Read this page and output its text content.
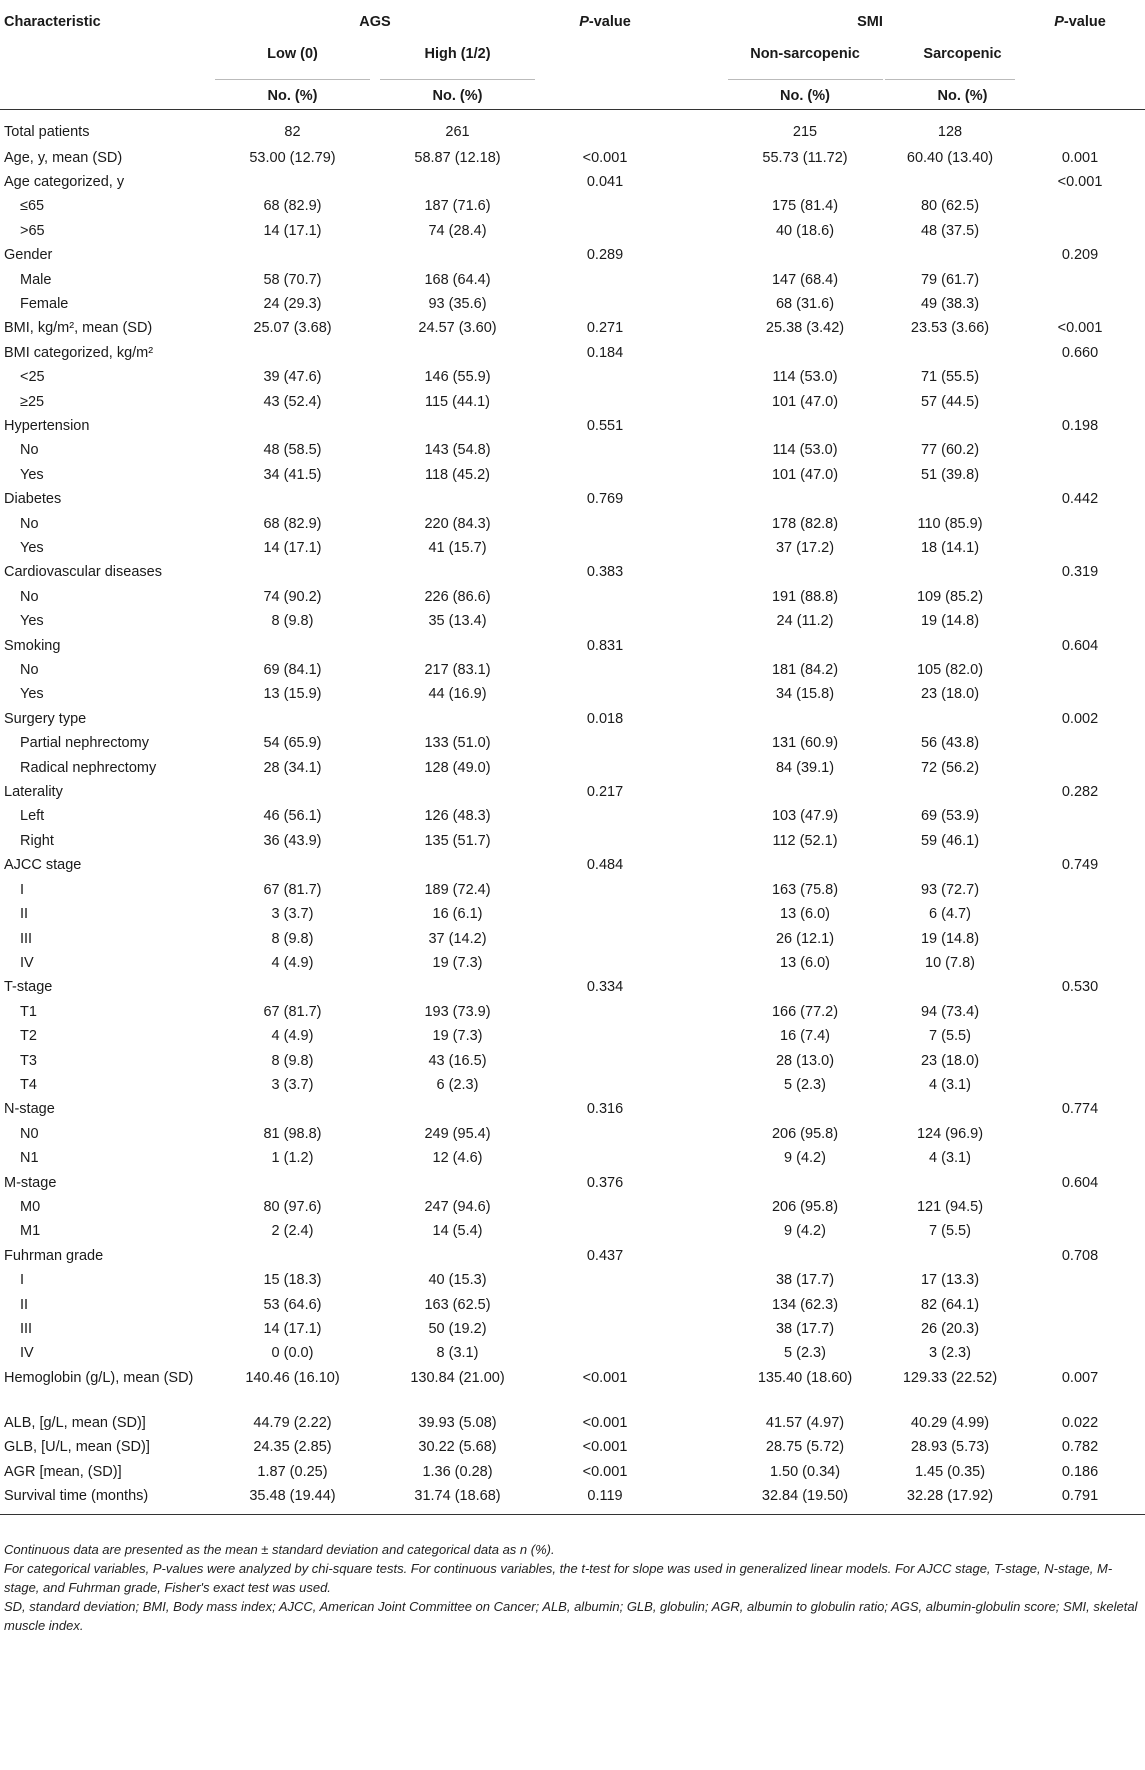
Characteristic	AGS		P-value		SMI		P-value
	Low (0)	High (1/2)			Non-sarcopenic	Sarcopenic	
	No. (%)	No. (%)			No. (%)	No. (%)	
Total patients	82	261			215	128	
Age, y, mean (SD)	53.00 (12.79)	58.87 (12.18)	<0.001		55.73 (11.72)	60.40 (13.40)	0.001
Age categorized, y			0.041				<0.001
≤65	68 (82.9)	187 (71.6)			175 (81.4)	80 (62.5)	
>65	14 (17.1)	74 (28.4)			40 (18.6)	48 (37.5)	
Gender			0.289				0.209
Male	58 (70.7)	168 (64.4)			147 (68.4)	79 (61.7)	
Female	24 (29.3)	93 (35.6)			68 (31.6)	49 (38.3)	
BMI, kg/m², mean (SD)	25.07 (3.68)	24.57 (3.60)	0.271		25.38 (3.42)	23.53 (3.66)	<0.001
BMI categorized, kg/m²			0.184				0.660
<25	39 (47.6)	146 (55.9)			114 (53.0)	71 (55.5)	
≥25	43 (52.4)	115 (44.1)			101 (47.0)	57 (44.5)	
Hypertension			0.551				0.198
No	48 (58.5)	143 (54.8)			114 (53.0)	77 (60.2)	
Yes	34 (41.5)	118 (45.2)			101 (47.0)	51 (39.8)	
Diabetes			0.769				0.442
No	68 (82.9)	220 (84.3)			178 (82.8)	110 (85.9)	
Yes	14 (17.1)	41 (15.7)			37 (17.2)	18 (14.1)	
Cardiovascular diseases			0.383				0.319
No	74 (90.2)	226 (86.6)			191 (88.8)	109 (85.2)	
Yes	8 (9.8)	35 (13.4)			24 (11.2)	19 (14.8)	
Smoking			0.831				0.604
No	69 (84.1)	217 (83.1)			181 (84.2)	105 (82.0)	
Yes	13 (15.9)	44 (16.9)			34 (15.8)	23 (18.0)	
Surgery type			0.018				0.002
Partial nephrectomy	54 (65.9)	133 (51.0)			131 (60.9)	56 (43.8)	
Radical nephrectomy	28 (34.1)	128 (49.0)			84 (39.1)	72 (56.2)	
Laterality			0.217				0.282
Left	46 (56.1)	126 (48.3)			103 (47.9)	69 (53.9)	
Right	36 (43.9)	135 (51.7)			112 (52.1)	59 (46.1)	
AJCC stage			0.484				0.749
I	67 (81.7)	189 (72.4)			163 (75.8)	93 (72.7)	
II	3 (3.7)	16 (6.1)			13 (6.0)	6 (4.7)	
III	8 (9.8)	37 (14.2)			26 (12.1)	19 (14.8)	
IV	4 (4.9)	19 (7.3)			13 (6.0)	10 (7.8)	
T-stage			0.334				0.530
T1	67 (81.7)	193 (73.9)			166 (77.2)	94 (73.4)	
T2	4 (4.9)	19 (7.3)			16 (7.4)	7 (5.5)	
T3	8 (9.8)	43 (16.5)			28 (13.0)	23 (18.0)	
T4	3 (3.7)	6 (2.3)			5 (2.3)	4 (3.1)	
N-stage			0.316				0.774
N0	81 (98.8)	249 (95.4)			206 (95.8)	124 (96.9)	
N1	1 (1.2)	12 (4.6)			9 (4.2)	4 (3.1)	
M-stage			0.376				0.604
M0	80 (97.6)	247 (94.6)			206 (95.8)	121 (94.5)	
M1	2 (2.4)	14 (5.4)			9 (4.2)	7 (5.5)	
Fuhrman grade			0.437				0.708
I	15 (18.3)	40 (15.3)			38 (17.7)	17 (13.3)	
II	53 (64.6)	163 (62.5)			134 (62.3)	82 (64.1)	
III	14 (17.1)	50 (19.2)			38 (17.7)	26 (20.3)	
IV	0 (0.0)	8 (3.1)			5 (2.3)	3 (2.3)	
Hemoglobin (g/L), mean (SD)	140.46 (16.10)	130.84 (21.00)	<0.001		135.40 (18.60)	129.33 (22.52)	0.007
ALB, [g/L, mean (SD)]	44.79 (2.22)	39.93 (5.08)	<0.001		41.57 (4.97)	40.29 (4.99)	0.022
GLB, [U/L, mean (SD)]	24.35 (2.85)	30.22 (5.68)	<0.001		28.75 (5.72)	28.93 (5.73)	0.782
AGR [mean, (SD)]	1.87 (0.25)	1.36 (0.28)	<0.001		1.50 (0.34)	1.45 (0.35)	0.186
Survival time (months)	35.48 (19.44)	31.74 (18.68)	0.119		32.84 (19.50)	32.28 (17.92)	0.791

Continuous data are presented as the mean ± standard deviation and categorical data as n (%).

For categorical variables, P-values were analyzed by chi-square tests. For continuous variables, the t-test for slope was used in generalized linear models. For AJCC stage, T-stage, N-stage, M-stage, and Fuhrman grade, Fisher's exact test was used.

SD, standard deviation; BMI, Body mass index; AJCC, American Joint Committee on Cancer; ALB, albumin; GLB, globulin; AGR, albumin to globulin ratio; AGS, albumin-globulin score; SMI, skeletal muscle index.
